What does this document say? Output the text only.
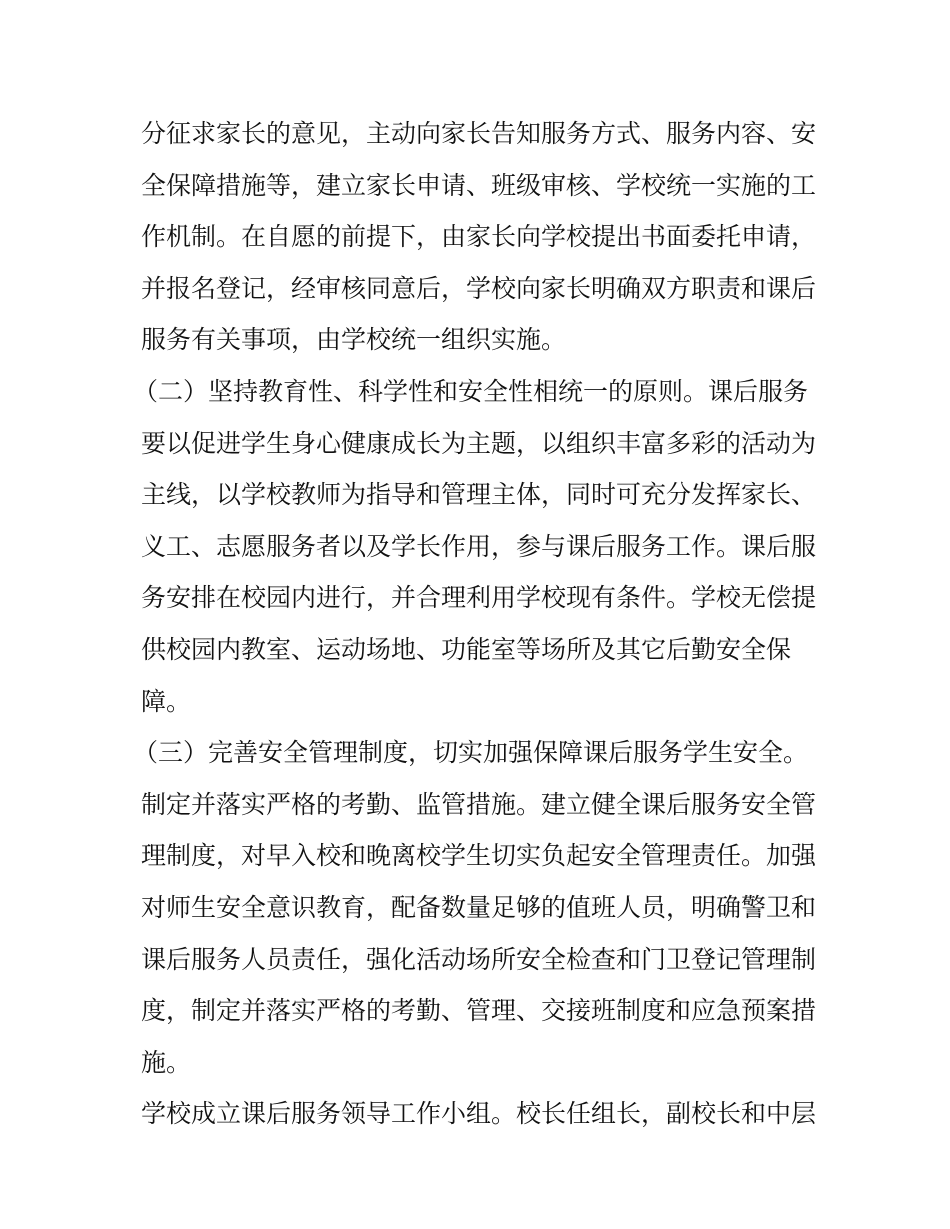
分征求家长的意见，主动向家长告知服务方式、服务内容、安
全保障措施等，建立家长申请、班级审核、学校统一实施的工
作机制。在自愿的前提下，由家长向学校提出书面委托申请，
并报名登记，经审核同意后，学校向家长明确双方职责和课后
服务有关事项，由学校统一组织实施。
（二）坚持教育性、科学性和安全性相统一的原则。课后服务
要以促进学生身心健康成长为主题，以组织丰富多彩的活动为
主线，以学校教师为指导和管理主体，同时可充分发挥家长、
义工、志愿服务者以及学长作用，参与课后服务工作。课后服
务安排在校园内进行，并合理利用学校现有条件。学校无偿提
供校园内教室、运动场地、功能室等场所及其它后勤安全保
障。
（三）完善安全管理制度，切实加强保障课后服务学生安全。
制定并落实严格的考勤、监管措施。建立健全课后服务安全管
理制度，对早入校和晚离校学生切实负起安全管理责任。加强
对师生安全意识教育，配备数量足够的值班人员，明确警卫和
课后服务人员责任，强化活动场所安全检查和门卫登记管理制
度，制定并落实严格的考勤、管理、交接班制度和应急预案措
施。
学校成立课后服务领导工作小组。校长任组长，副校长和中层
